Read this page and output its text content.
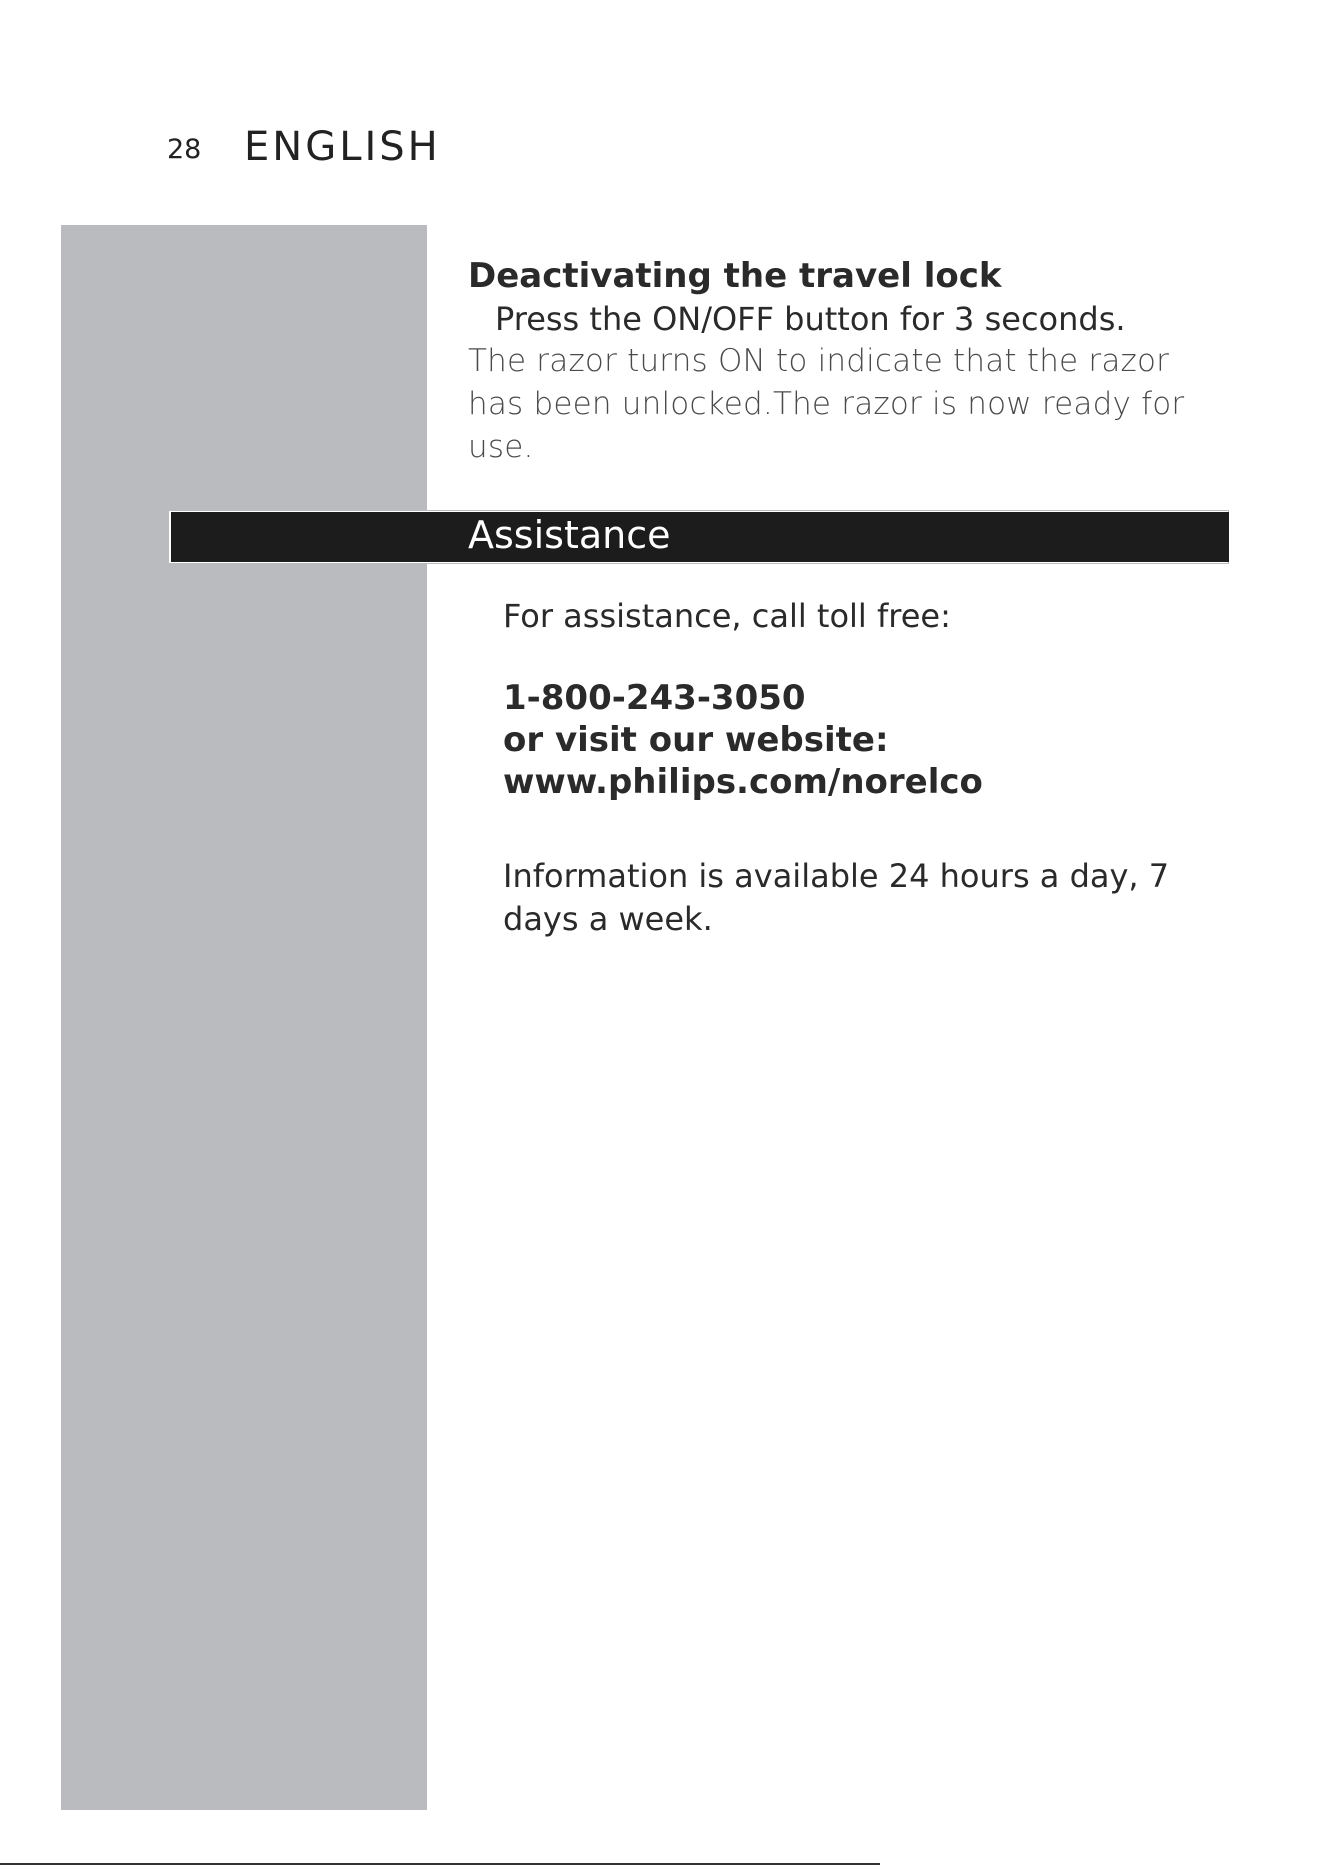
28 ENGLISH
Deactivating the travel lock
Press the ON/OFF button for 3 seconds.
The razor turns ON to indicate that the razor has been unlocked.The razor is now ready for use.
Assistance
For assistance, call toll free:
1-800-243-3050
or visit our website:
www.philips.com/norelco
Information is available 24 hours a day, 7 days a week.
